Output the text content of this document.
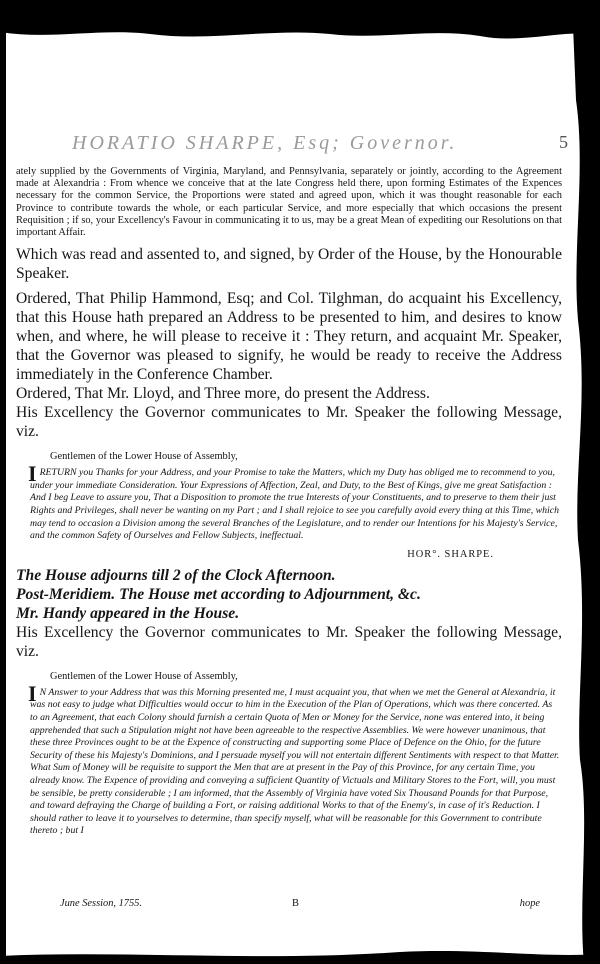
HORATIO SHARPE, Esq; Governor.	5

ately supplied by the Governments of Virginia, Maryland, and Pennsylvania, separately or jointly, according to the Agreement made at Alexandria : From whence we conceive that at the late Congress held there, upon forming Estimates of the Expences necessary for the common Service, the Proportions were stated and agreed upon, which it was thought reasonable for each Province to contribute towards the whole, or each particular Service, and more especially that which occasions the present Requisition ; if so, your Excellency's Favour in communicating it to us, may be a great Mean of expediting our Resolutions on that important Affair.

Which was read and assented to, and signed, by Order of the House, by the Honourable Speaker.

Ordered, That Philip Hammond, Esq; and Col. Tilghman, do acquaint his Excellency, that this House hath prepared an Address to be presented to him, and desires to know when, and where, he will please to receive it : They return, and acquaint Mr. Speaker, that the Governor was pleased to signify, he would be ready to receive the Address immediately in the Conference Chamber.

Ordered, That Mr. Lloyd, and Three more, do present the Address.

His Excellency the Governor communicates to Mr. Speaker the following Message, viz.

Gentlemen of the Lower House of Assembly,
I RETURN you Thanks for your Address, and your Promise to take the Matters, which my Duty has obliged me to recommend to you, under your immediate Consideration. Your Expressions of Affection, Zeal, and Duty, to the Best of Kings, give me great Satisfaction : And I beg Leave to assure you, That a Disposition to promote the true Interests of your Constituents, and to preserve to them their just Rights and Privileges, shall never be wanting on my Part ; and I shall rejoice to see you carefully avoid every thing at this Time, which may tend to occasion a Division among the several Branches of the Legislature, and to render our Intentions for his Majesty's Service, and the common Safety of Ourselves and Fellow Subjects, ineffectual.
HOR°. SHARPE.
The House adjourns till 2 of the Clock Afternoon.
Post-Meridiem. The House met according to Adjournment, &c.
Mr. Handy appeared in the House.

His Excellency the Governor communicates to Mr. Speaker the following Message, viz.

Gentlemen of the Lower House of Assembly,
I N Answer to your Address that was this Morning presented me, I must acquaint you, that when we met the General at Alexandria, it was not easy to judge what Difficulties would occur to him in the Execution of the Plan of Operations, which was there concerted. As to an Agreement, that each Colony should furnish a certain Quota of Men or Money for the Service, none was entered into, it being apprehended that such a Stipulation might not have been agreeable to the respective Assemblies. We were however unanimous, that these three Provinces ought to be at the Expence of constructing and supporting some Place of Defence on the Ohio, for the future Security of these his Majesty's Dominions, and I persuade myself you will not entertain different Sentiments with respect to that Matter. What Sum of Money will be requisite to support the Men that are at present in the Pay of this Province, for any certain Time, you already know. The Expence of providing and conveying a sufficient Quantity of Victuals and Military Stores to the Fort, will, you must be sensible, be pretty considerable ; I am informed, that the Assembly of Virginia have voted Six Thousand Pounds for that Purpose, and toward defraying the Charge of building a Fort, or raising additional Works to that of the Enemy's, in case of it's Reduction. I should rather to leave it to yourselves to determine, than specify myself, what will be reasonable for this Government to contribute thereto ; but I
June Session, 1755.	B	hope
